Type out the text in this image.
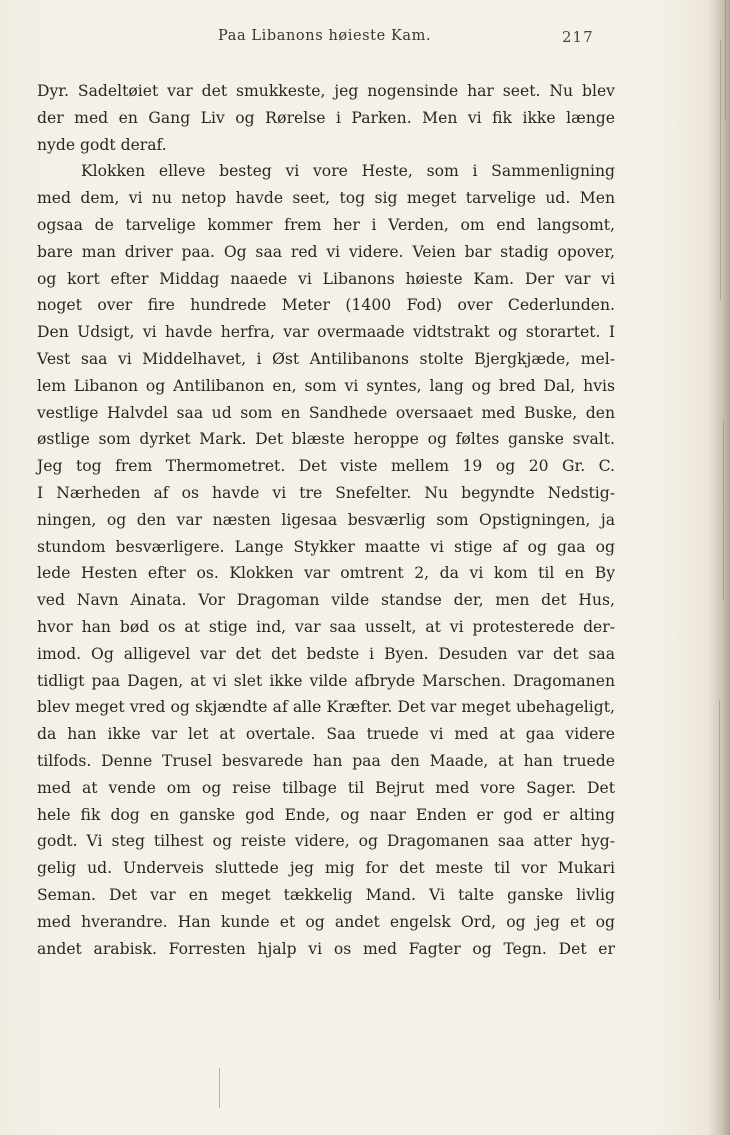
Paa Libanons høieste Kam.	217
Dyr. Sadeltøiet var det smukkeste, jeg nogensinde har seet. Nu blev
der med en Gang Liv og Rørelse i Parken. Men vi fik ikke længe
nyde godt deraf.
Klokken elleve besteg vi vore Heste, som i Sammenligning
med dem, vi nu netop havde seet, tog sig meget tarvelige ud. Men
ogsaa de tarvelige kommer frem her i Verden, om end langsomt,
bare man driver paa. Og saa red vi videre. Veien bar stadig opover,
og kort efter Middag naaede vi Libanons høieste Kam. Der var vi
noget over fire hundrede Meter (1400 Fod) over Cederlunden.
Den Udsigt, vi havde herfra, var overmaade vidtstrakt og storartet. I
Vest saa vi Middelhavet, i Øst Antilibanons stolte Bjergkjæde, mel-
lem Libanon og Antilibanon en, som vi syntes, lang og bred Dal, hvis
vestlige Halvdel saa ud som en Sandhede oversaaet med Buske, den
østlige som dyrket Mark. Det blæste heroppe og føltes ganske svalt.
Jeg tog frem Thermometret. Det viste mellem 19 og 20 Gr. C.
I Nærheden af os havde vi tre Snefelter. Nu begyndte Nedstig-
ningen, og den var næsten ligesaa besværlig som Opstigningen, ja
stundom besværligere. Lange Stykker maatte vi stige af og gaa og
lede Hesten efter os. Klokken var omtrent 2, da vi kom til en By
ved Navn Ainata. Vor Dragoman vilde standse der, men det Hus,
hvor han bød os at stige ind, var saa usselt, at vi protesterede der-
imod. Og alligevel var det det bedste i Byen. Desuden var det saa
tidligt paa Dagen, at vi slet ikke vilde afbryde Marschen. Dragomanen
blev meget vred og skjændte af alle Kræfter. Det var meget ubehageligt,
da han ikke var let at overtale. Saa truede vi med at gaa videre
tilfods. Denne Trusel besvarede han paa den Maade, at han truede
med at vende om og reise tilbage til Bejrut med vore Sager. Det
hele fik dog en ganske god Ende, og naar Enden er god er alting
godt. Vi steg tilhest og reiste videre, og Dragomanen saa atter hyg-
gelig ud. Underveis sluttede jeg mig for det meste til vor Mukari
Seman. Det var en meget tækkelig Mand. Vi talte ganske livlig
med hverandre. Han kunde et og andet engelsk Ord, og jeg et og
andet arabisk. Forresten hjalp vi os med Fagter og Tegn. Det er
